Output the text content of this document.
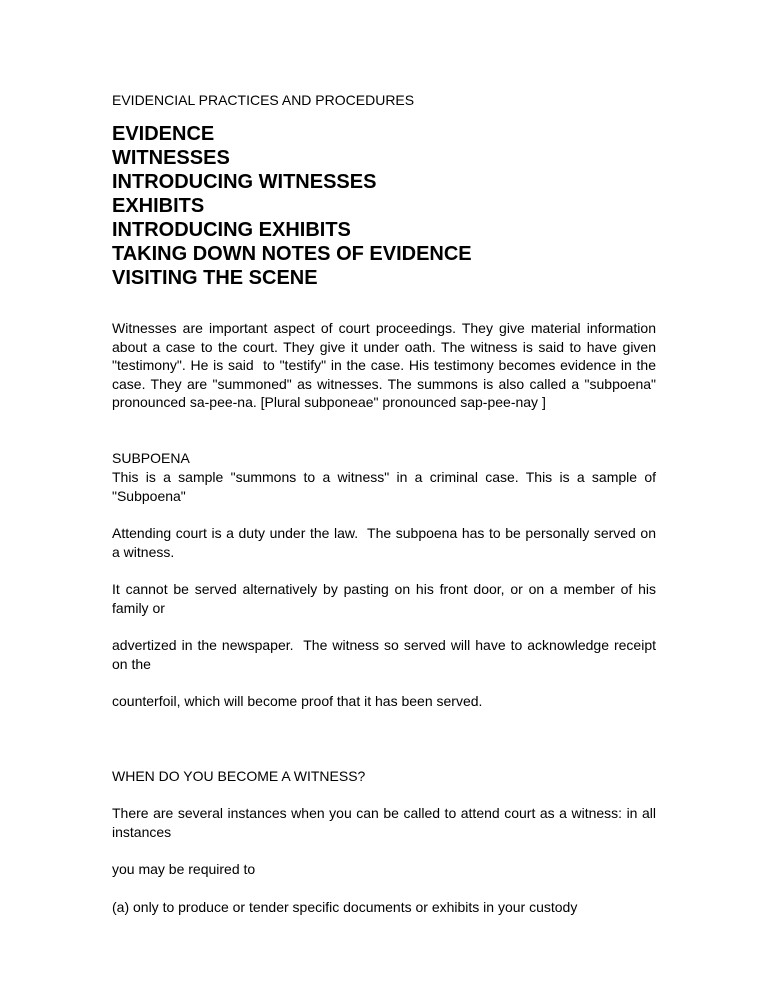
EVIDENCIAL PRACTICES AND PROCEDURES

EVIDENCE
WITNESSES
INTRODUCING WITNESSES
EXHIBITS
INTRODUCING EXHIBITS
TAKING DOWN NOTES OF EVIDENCE
VISITING THE SCENE

Witnesses are important aspect of court proceedings. They give material information about a case to the court. They give it under oath. The witness is said to have given "testimony". He is said  to "testify" in the case. His testimony becomes evidence in the case. They are "summoned" as witnesses. The summons is also called a "subpoena" pronounced sa-pee-na. [Plural subponeae" pronounced sap-pee-nay ]

SUBPOENA

This is a sample "summons to a witness" in a criminal case. This is a sample of "Subpoena"

Attending court is a duty under the law.  The subpoena has to be personally served on a witness.

It cannot be served alternatively by pasting on his front door, or on a member of his family or

advertized in the newspaper.  The witness so served will have to acknowledge receipt on the

counterfoil, which will become proof that it has been served.

WHEN DO YOU BECOME A WITNESS?

There are several instances when you can be called to attend court as a witness: in all instances

you may be required to

(a) only to produce or tender specific documents or exhibits in your custody
